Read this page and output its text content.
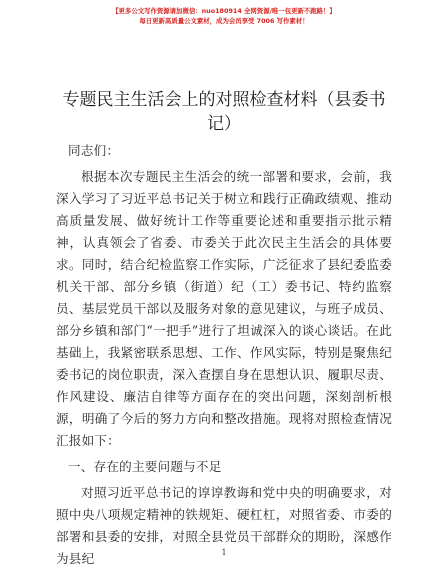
【更多公文写作资源请加微信：nuo180914 全网资源/唯一包更新不跑路！】
每日更新高质量公文素材，成为会员享受 7006 写作素材！
专题民主生活会上的对照检查材料（县委书记）

同志们：

根据本次专题民主生活会的统一部署和要求，会前，我深入学习了习近平总书记关于树立和践行正确政绩观、推动高质量发展、做好统计工作等重要论述和重要指示批示精神，认真领会了省委、市委关于此次民主生活会的具体要求。同时，结合纪检监察工作实际，广泛征求了县纪委监委机关干部、部分乡镇（街道）纪（工）委书记、特约监察员、基层党员干部以及服务对象的意见建议，与班子成员、部分乡镇和部门“一把手”进行了坦诚深入的谈心谈话。在此基础上，我紧密联系思想、工作、作风实际，特别是聚焦纪委书记的岗位职责，深入查摆自身在思想认识、履职尽责、作风建设、廉洁自律等方面存在的突出问题，深刻剖析根源，明确了今后的努力方向和整改措施。现将对照检查情况汇报如下：

一、存在的主要问题与不足

对照习近平总书记的谆谆教诲和党中央的明确要求，对照中央八项规定精神的铁规矩、硬杠杠，对照省委、市委的部署和县委的安排，对照全县党员干部群众的期盼，深感作为县纪	1
